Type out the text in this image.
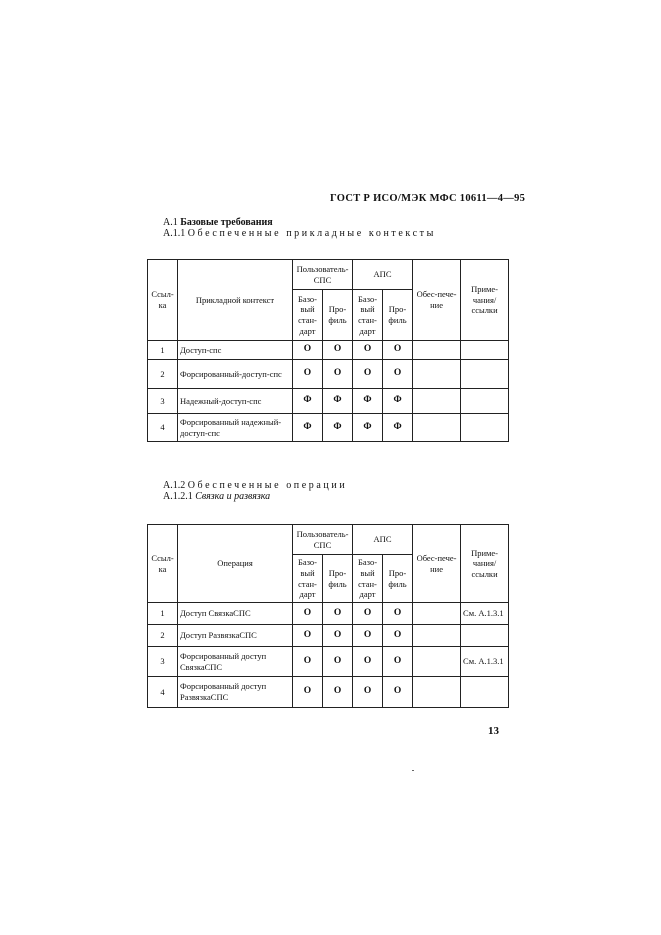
ГОСТ Р ИСО/МЭК МФС 10611—4—95
A.1 Базовые требования
A.1.1 Обеспеченные прикладные контексты
Ссыл-ка	Прикладной контекст	Пользователь-СПС		АПС		Обес-пече-ние	Приме-чания/ссылки
		Базо-вый стан-дарт	Про-филь	Базо-вый стан-дарт	Про-филь		
1	Доступ-спс	О	О	О	О		
2	Форсированный-доступ-спс	О	О	О	О		
3	Надежный-доступ-спс	Ф	Ф	Ф	Ф		
4	Форсированный надежный-доступ-спс	Ф	Ф	Ф	Ф		
A.1.2 Обеспеченные операции
A.1.2.1 Связка и развязка
Ссыл-ка	Операция	Пользователь-СПС		АПС		Обес-пече-ние	Приме-чания/ссылки
		Базо-вый стан-дарт	Про-филь	Базо-вый стан-дарт	Про-филь		
1	Доступ СвязкаСПС	О	О	О	О		См. А.1.3.1
2	Доступ РазвязкаСПС	О	О	О	О		
3	Форсированный доступ СвязкаСПС	О	О	О	О		См. А.1.3.1
4	Форсированный доступ РазвязкаСПС	О	О	О	О		
13
